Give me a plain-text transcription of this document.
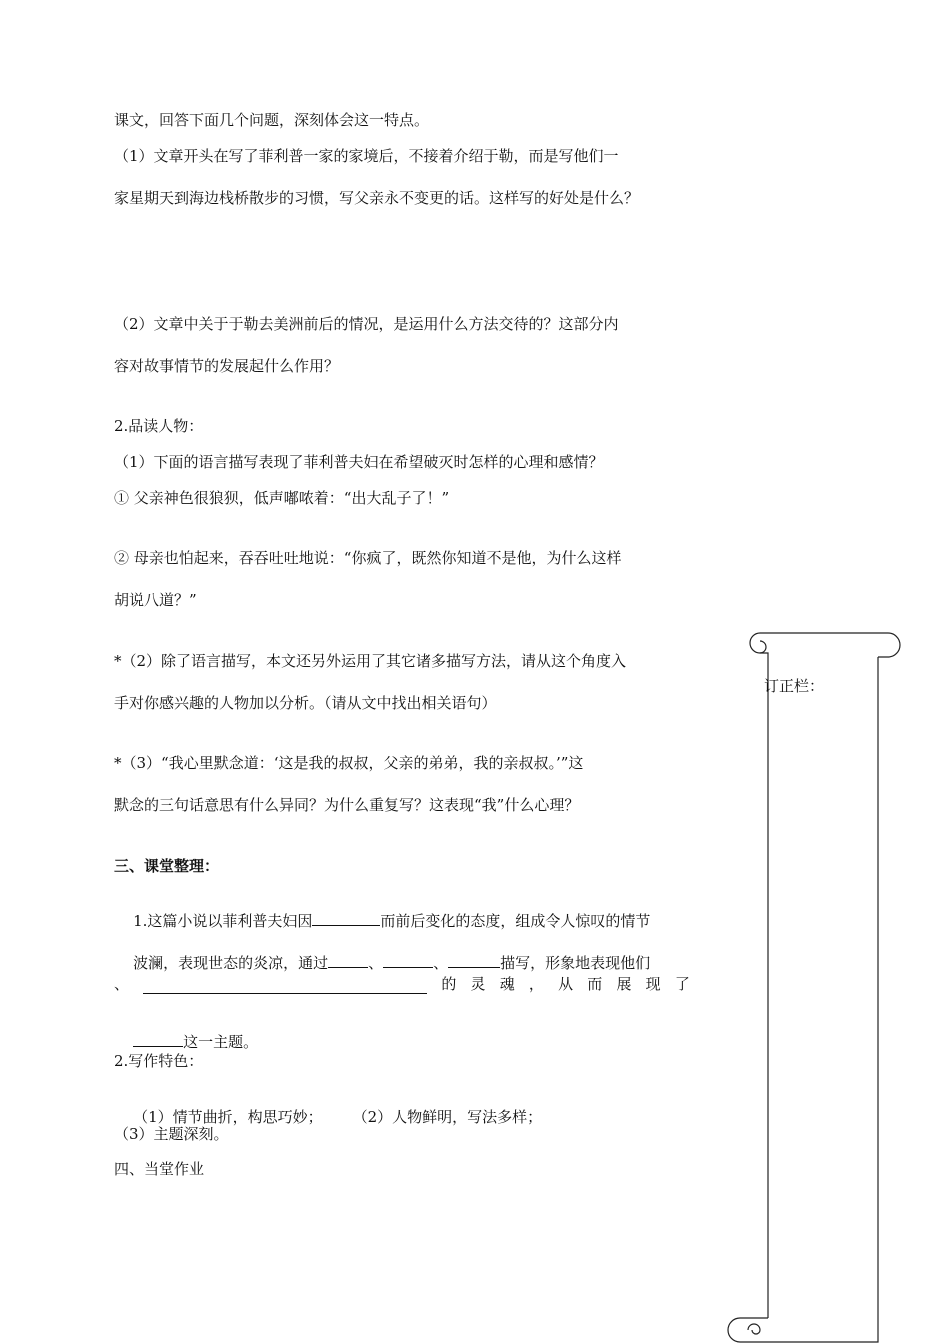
课文，回答下面几个问题，深刻体会这一特点。
（1）文章开头在写了菲利普一家的家境后，不接着介绍于勒，而是写他们一
家星期天到海边栈桥散步的习惯，写父亲永不变更的话。这样写的好处是什么？
（2）文章中关于于勒去美洲前后的情况，是运用什么方法交待的？这部分内
容对故事情节的发展起什么作用？
2.品读人物：
（1）下面的语言描写表现了菲利普夫妇在希望破灭时怎样的心理和感情？
① 父亲神色很狼狈，低声嘟哝着：“出大乱子了！”
② 母亲也怕起来，吞吞吐吐地说：“你疯了，既然你知道不是他，为什么这样
胡说八道？”
*（2）除了语言描写，本文还另外运用了其它诸多描写方法，请从这个角度入
手对你感兴趣的人物加以分析。（请从文中找出相关语句）
*（3）“我心里默念道：‘这是我的叔叔，父亲的弟弟，我的亲叔叔。’”这
默念的三句话意思有什么异同？为什么重复写？这表现“我”什么心理？
三、课堂整理：

1.这篇小说以菲利普夫妇因	而前后变化的态度，组成令人惊叹的情节

波澜，表现世态的炎凉，通过	、	、	描写，形象地表现他们

、	的 灵 魂 ， 从 而 展 现 了

这一主题。

2.写作特色：

（1）情节曲折，构思巧妙； （2）人物鲜明，写法多样；

（3）主题深刻。
四、当堂作业
订正栏：
